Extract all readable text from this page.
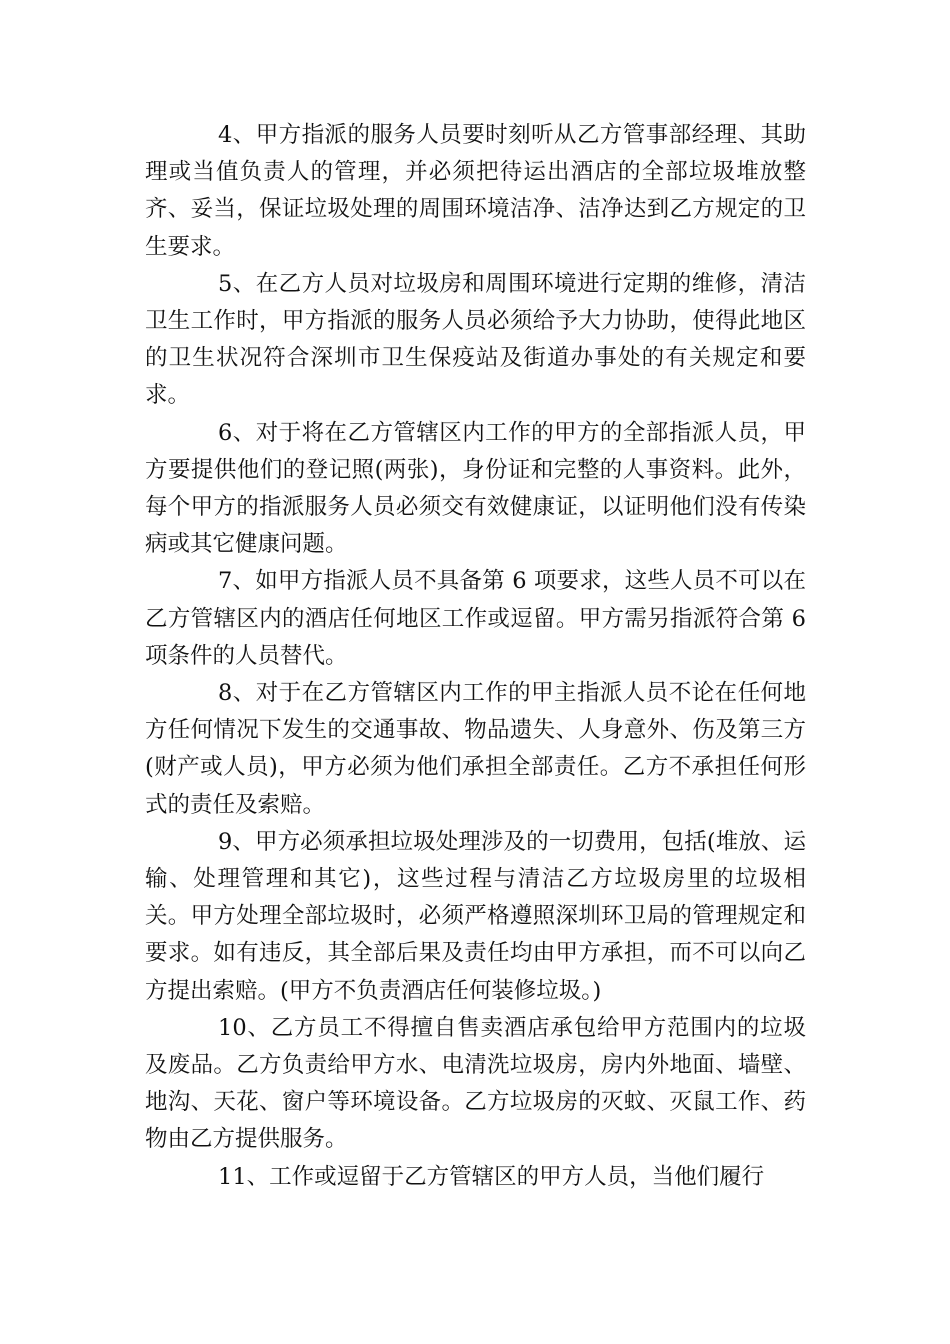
4、甲方指派的服务人员要时刻听从乙方管事部经理、其助理或当值负责人的管理，并必须把待运出酒店的全部垃圾堆放整齐、妥当，保证垃圾处理的周围环境洁净、洁净达到乙方规定的卫生要求。

5、在乙方人员对垃圾房和周围环境进行定期的维修，清洁卫生工作时，甲方指派的服务人员必须给予大力协助，使得此地区的卫生状况符合深圳市卫生保疫站及街道办事处的有关规定和要求。

6、对于将在乙方管辖区内工作的甲方的全部指派人员，甲方要提供他们的登记照(两张)，身份证和完整的人事资料。此外，每个甲方的指派服务人员必须交有效健康证，以证明他们没有传染病或其它健康问题。

7、如甲方指派人员不具备第 6 项要求，这些人员不可以在乙方管辖区内的酒店任何地区工作或逗留。甲方需另指派符合第 6 项条件的人员替代。

8、对于在乙方管辖区内工作的甲主指派人员不论在任何地方任何情况下发生的交通事故、物品遗失、人身意外、伤及第三方(财产或人员)，甲方必须为他们承担全部责任。乙方不承担任何形式的责任及索赔。

9、甲方必须承担垃圾处理涉及的一切费用，包括(堆放、运输、处理管理和其它)，这些过程与清洁乙方垃圾房里的垃圾相关。甲方处理全部垃圾时，必须严格遵照深圳环卫局的管理规定和要求。如有违反，其全部后果及责任均由甲方承担，而不可以向乙方提出索赔。(甲方不负责酒店任何装修垃圾。)

10、乙方员工不得擅自售卖酒店承包给甲方范围内的垃圾及废品。乙方负责给甲方水、电清洗垃圾房，房内外地面、墙壁、地沟、天花、窗户等环境设备。乙方垃圾房的灭蚊、灭鼠工作、药物由乙方提供服务。

11、工作或逗留于乙方管辖区的甲方人员，当他们履行
